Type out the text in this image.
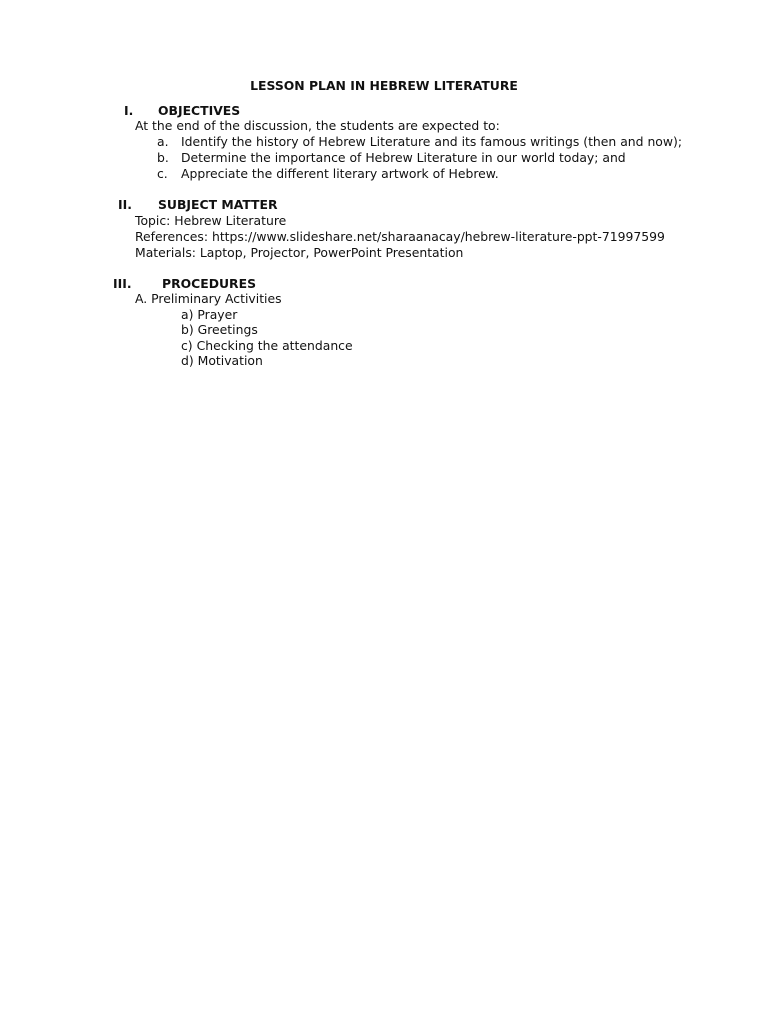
LESSON PLAN IN HEBREW LITERATURE
I. OBJECTIVES
At the end of the discussion, the students are expected to:
a. Identify the history of Hebrew Literature and its famous writings (then and now);
b. Determine the importance of Hebrew Literature in our world today; and
c. Appreciate the different literary artwork of Hebrew.
II. SUBJECT MATTER
Topic: Hebrew Literature
References: https://www.slideshare.net/sharaanacay/hebrew-literature-ppt-71997599
Materials: Laptop, Projector, PowerPoint Presentation
III. PROCEDURES
A. Preliminary Activities
a) Prayer
b) Greetings
c) Checking the attendance
d) Motivation
